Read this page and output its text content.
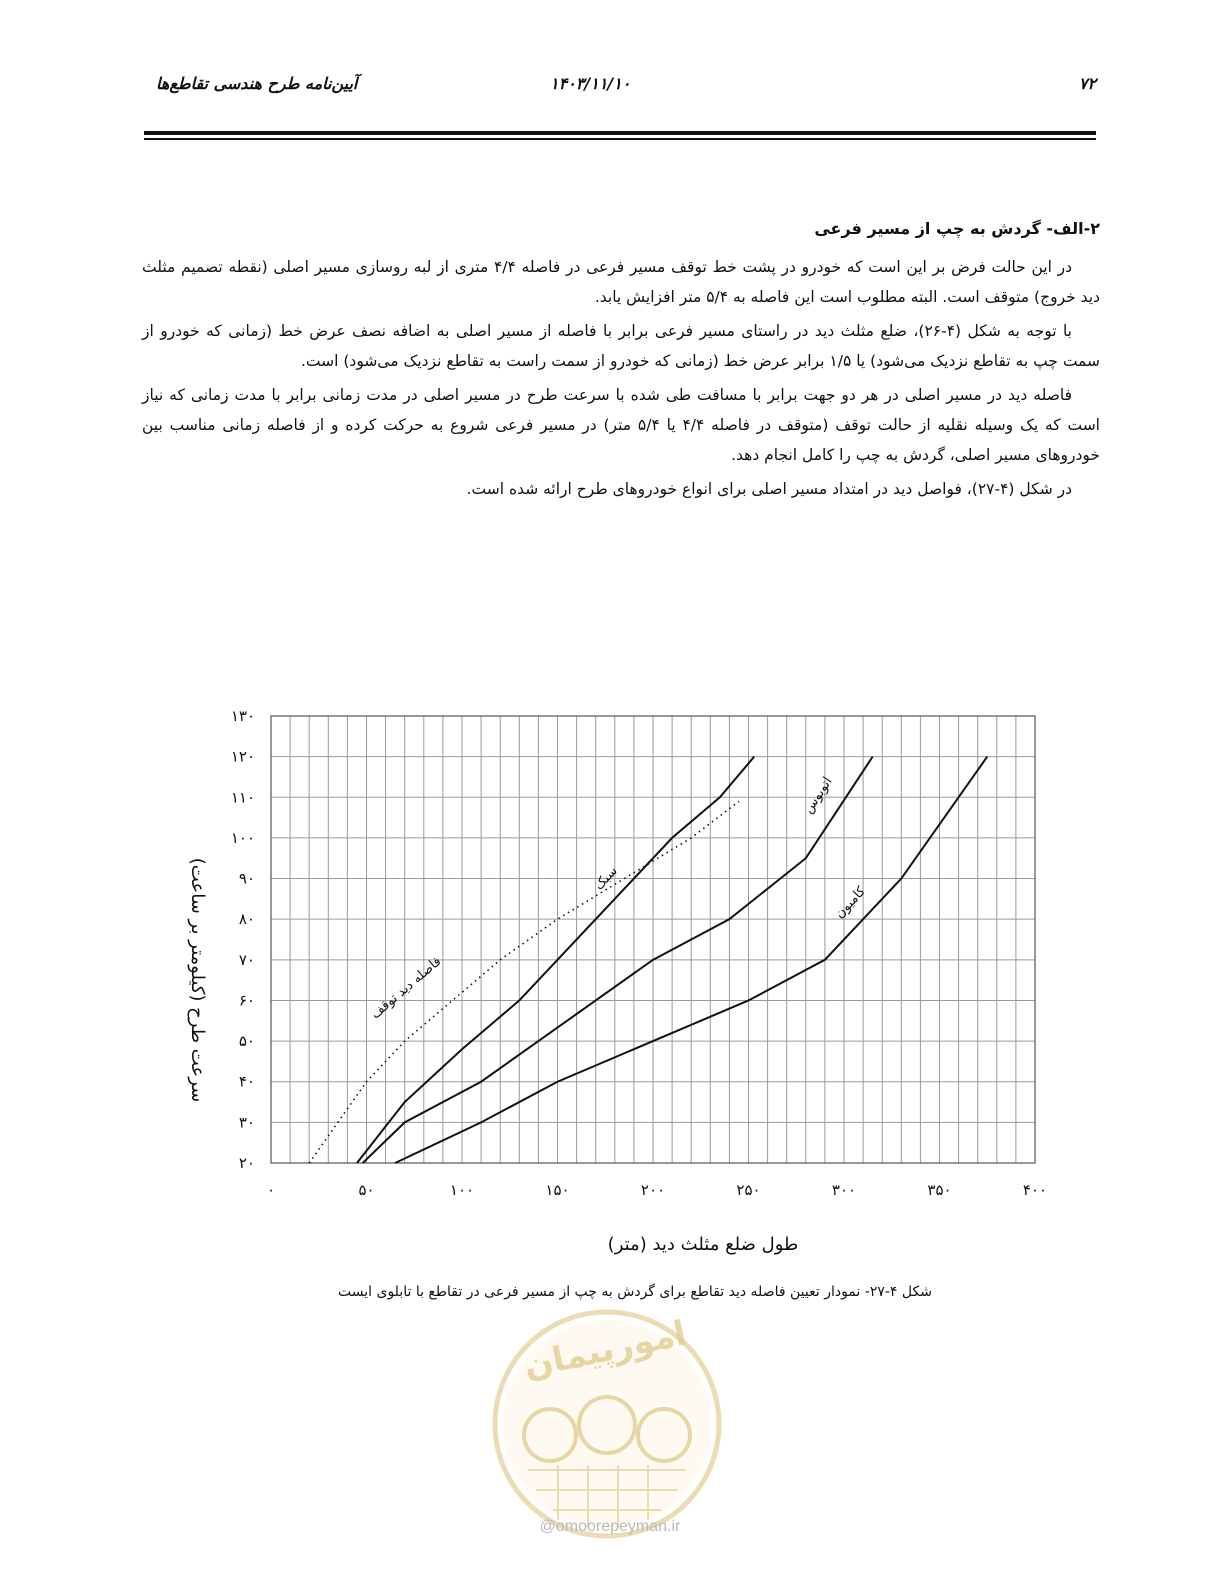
۷۲
۱۴۰۳/۱۱/۱۰
آیین‌نامه طرح هندسی تقاطع‌ها
۲-الف- گردش به چپ از مسیر فرعی

در این حالت فرض بر این است که خودرو در پشت خط توقف مسیر فرعی در فاصله ۴/۴ متری از لبه روسازی مسیر اصلی (نقطه تصمیم مثلث دید خروج) متوقف است. البته مطلوب است این فاصله به ۵/۴ متر افزایش یابد.

با توجه به شکل (۴-۲۶)، ضلع مثلث دید در راستای مسیر فرعی برابر با فاصله از مسیر اصلی به اضافه نصف عرض خط (زمانی که خودرو از سمت چپ به تقاطع نزدیک می‌شود) یا ۱/۵ برابر عرض خط (زمانی که خودرو از سمت راست به تقاطع نزدیک می‌شود) است.

فاصله دید در مسیر اصلی در هر دو جهت برابر با مسافت طی شده با سرعت طرح در مسیر اصلی در مدت زمانی برابر با مدت زمانی که نیاز است که یک وسیله نقلیه از حالت توقف (متوقف در فاصله ۴/۴ یا ۵/۴ متر) در مسیر فرعی شروع به حرکت کرده و از فاصله زمانی مناسب بین خودروهای مسیر اصلی، گردش به چپ را کامل انجام دهد.

در شکل (۴-۲۷)، فواصل دید در امتداد مسیر اصلی برای انواع خودروهای طرح ارائه شده است.

۲۰
۳۰
۴۰
۵۰
۶۰
۷۰
۸۰
۹۰
۱۰۰
۱۱۰
۱۲۰
۱۳۰
۰	۵۰	۱۰۰	۱۵۰	۲۰۰	۲۵۰	۳۰۰	۳۵۰	۴۰۰
فاصله دید توقف
سبک
اتوبوس
کامیون
سرعت طرح (کیلومتر بر ساعت)
طول ضلع مثلث دید (متر)
شکل ۴-۲۷- نمودار تعیین فاصله دید تقاطع برای گردش به چپ از مسیر فرعی در تقاطع با تابلوی ایست
امورپیمان
@omoorepeyman.ir
